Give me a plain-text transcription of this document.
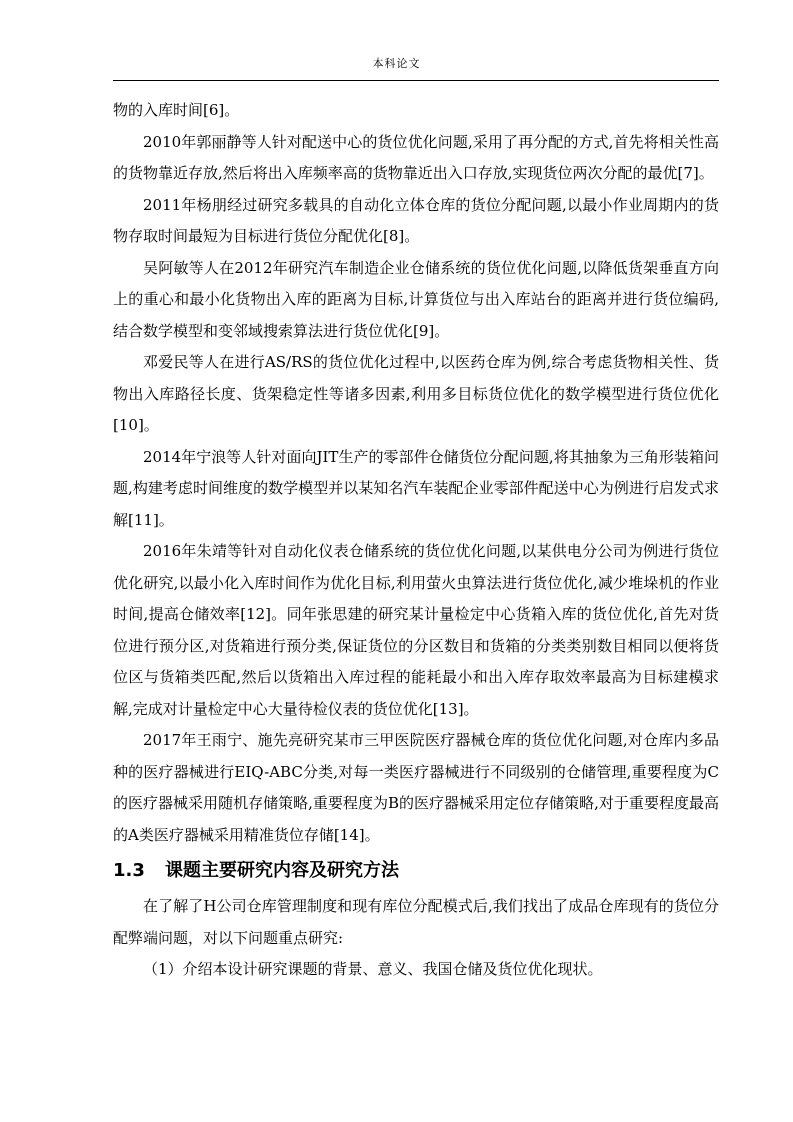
本科论文

物的入库时间[6]。

2010年郭丽静等人针对配送中心的货位优化问题,采用了再分配的方式,首先将相关性高的货物靠近存放,然后将出入库频率高的货物靠近出入口存放,实现货位两次分配的最优[7]。

2011年杨朋经过研究多载具的自动化立体仓库的货位分配问题,以最小作业周期内的货物存取时间最短为目标进行货位分配优化[8]。

吴阿敏等人在2012年研究汽车制造企业仓储系统的货位优化问题,以降低货架垂直方向上的重心和最小化货物出入库的距离为目标,计算货位与出入库站台的距离并进行货位编码,结合数学模型和变邻域搜索算法进行货位优化[9]。

邓爱民等人在进行AS/RS的货位优化过程中,以医药仓库为例,综合考虑货物相关性、货物出入库路径长度、货架稳定性等诸多因素,利用多目标货位优化的数学模型进行货位优化[10]。

2014年宁浪等人针对面向JIT生产的零部件仓储货位分配问题,将其抽象为三角形装箱问题,构建考虑时间维度的数学模型并以某知名汽车装配企业零部件配送中心为例进行启发式求解[11]。

2016年朱靖等针对自动化仪表仓储系统的货位优化问题,以某供电分公司为例进行货位优化研究,以最小化入库时间作为优化目标,利用萤火虫算法进行货位优化,减少堆垛机的作业时间,提高仓储效率[12]。同年张思建的研究某计量检定中心货箱入库的货位优化,首先对货位进行预分区,对货箱进行预分类,保证货位的分区数目和货箱的分类类别数目相同以便将货位区与货箱类匹配,然后以货箱出入库过程的能耗最小和出入库存取效率最高为目标建模求解,完成对计量检定中心大量待检仪表的货位优化[13]。

2017年王雨宁、施先亮研究某市三甲医院医疗器械仓库的货位优化问题,对仓库内多品种的医疗器械进行EIQ-ABC分类,对每一类医疗器械进行不同级别的仓储管理,重要程度为C的医疗器械采用随机存储策略,重要程度为B的医疗器械采用定位存储策略,对于重要程度最高的A类医疗器械采用精准货位存储[14]。

1.3 课题主要研究内容及研究方法

在了解了H公司仓库管理制度和现有库位分配模式后,我们找出了成品仓库现有的货位分配弊端问题，对以下问题重点研究:

（1）介绍本设计研究课题的背景、意义、我国仓储及货位优化现状。
